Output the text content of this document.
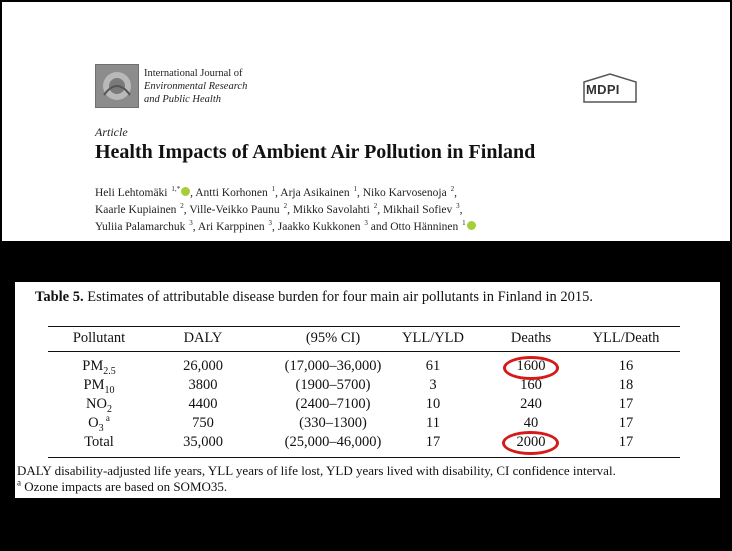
International Journal of
Environmental Research
and Public Health
MDPI
Article
Health Impacts of Ambient Air Pollution in Finland
Heli Lehtomäki $^{1,*}$ , Antti Korhonen $^1$, Arja Asikainen $^1$, Niko Karvosenoja $^2$,
Kaarle Kupiainen $^2$, Ville-Veikko Paunu $^2$, Mikko Savolahti $^2$, Mikhail Sofiev $^3$,
Yuliia Palamarchuk $^3$, Ari Karppinen $^3$, Jaakko Kukkonen $^3$ and Otto Hänninen $^1$
Table 5. Estimates of attributable disease burden for four main air pollutants in Finland in 2015.
Pollutant	DALY	(95% CI)	YLL/YLD	Deaths	YLL/Death
$PM_{2.5}$	26,000	(17,000–36,000)	61	1600	16
$PM_{10}$	3800	(1900–5700)	3	160	18
$NO_2$	4400	(2400–7100)	10	240	17
$O_3$ $^a$	750	(330–1300)	11	40	17
Total	35,000	(25,000–46,000)	17	2000	17
DALY disability-adjusted life years, YLL years of life lost, YLD years lived with disability, CI confidence interval.
$^a$ Ozone impacts are based on SOMO35.
